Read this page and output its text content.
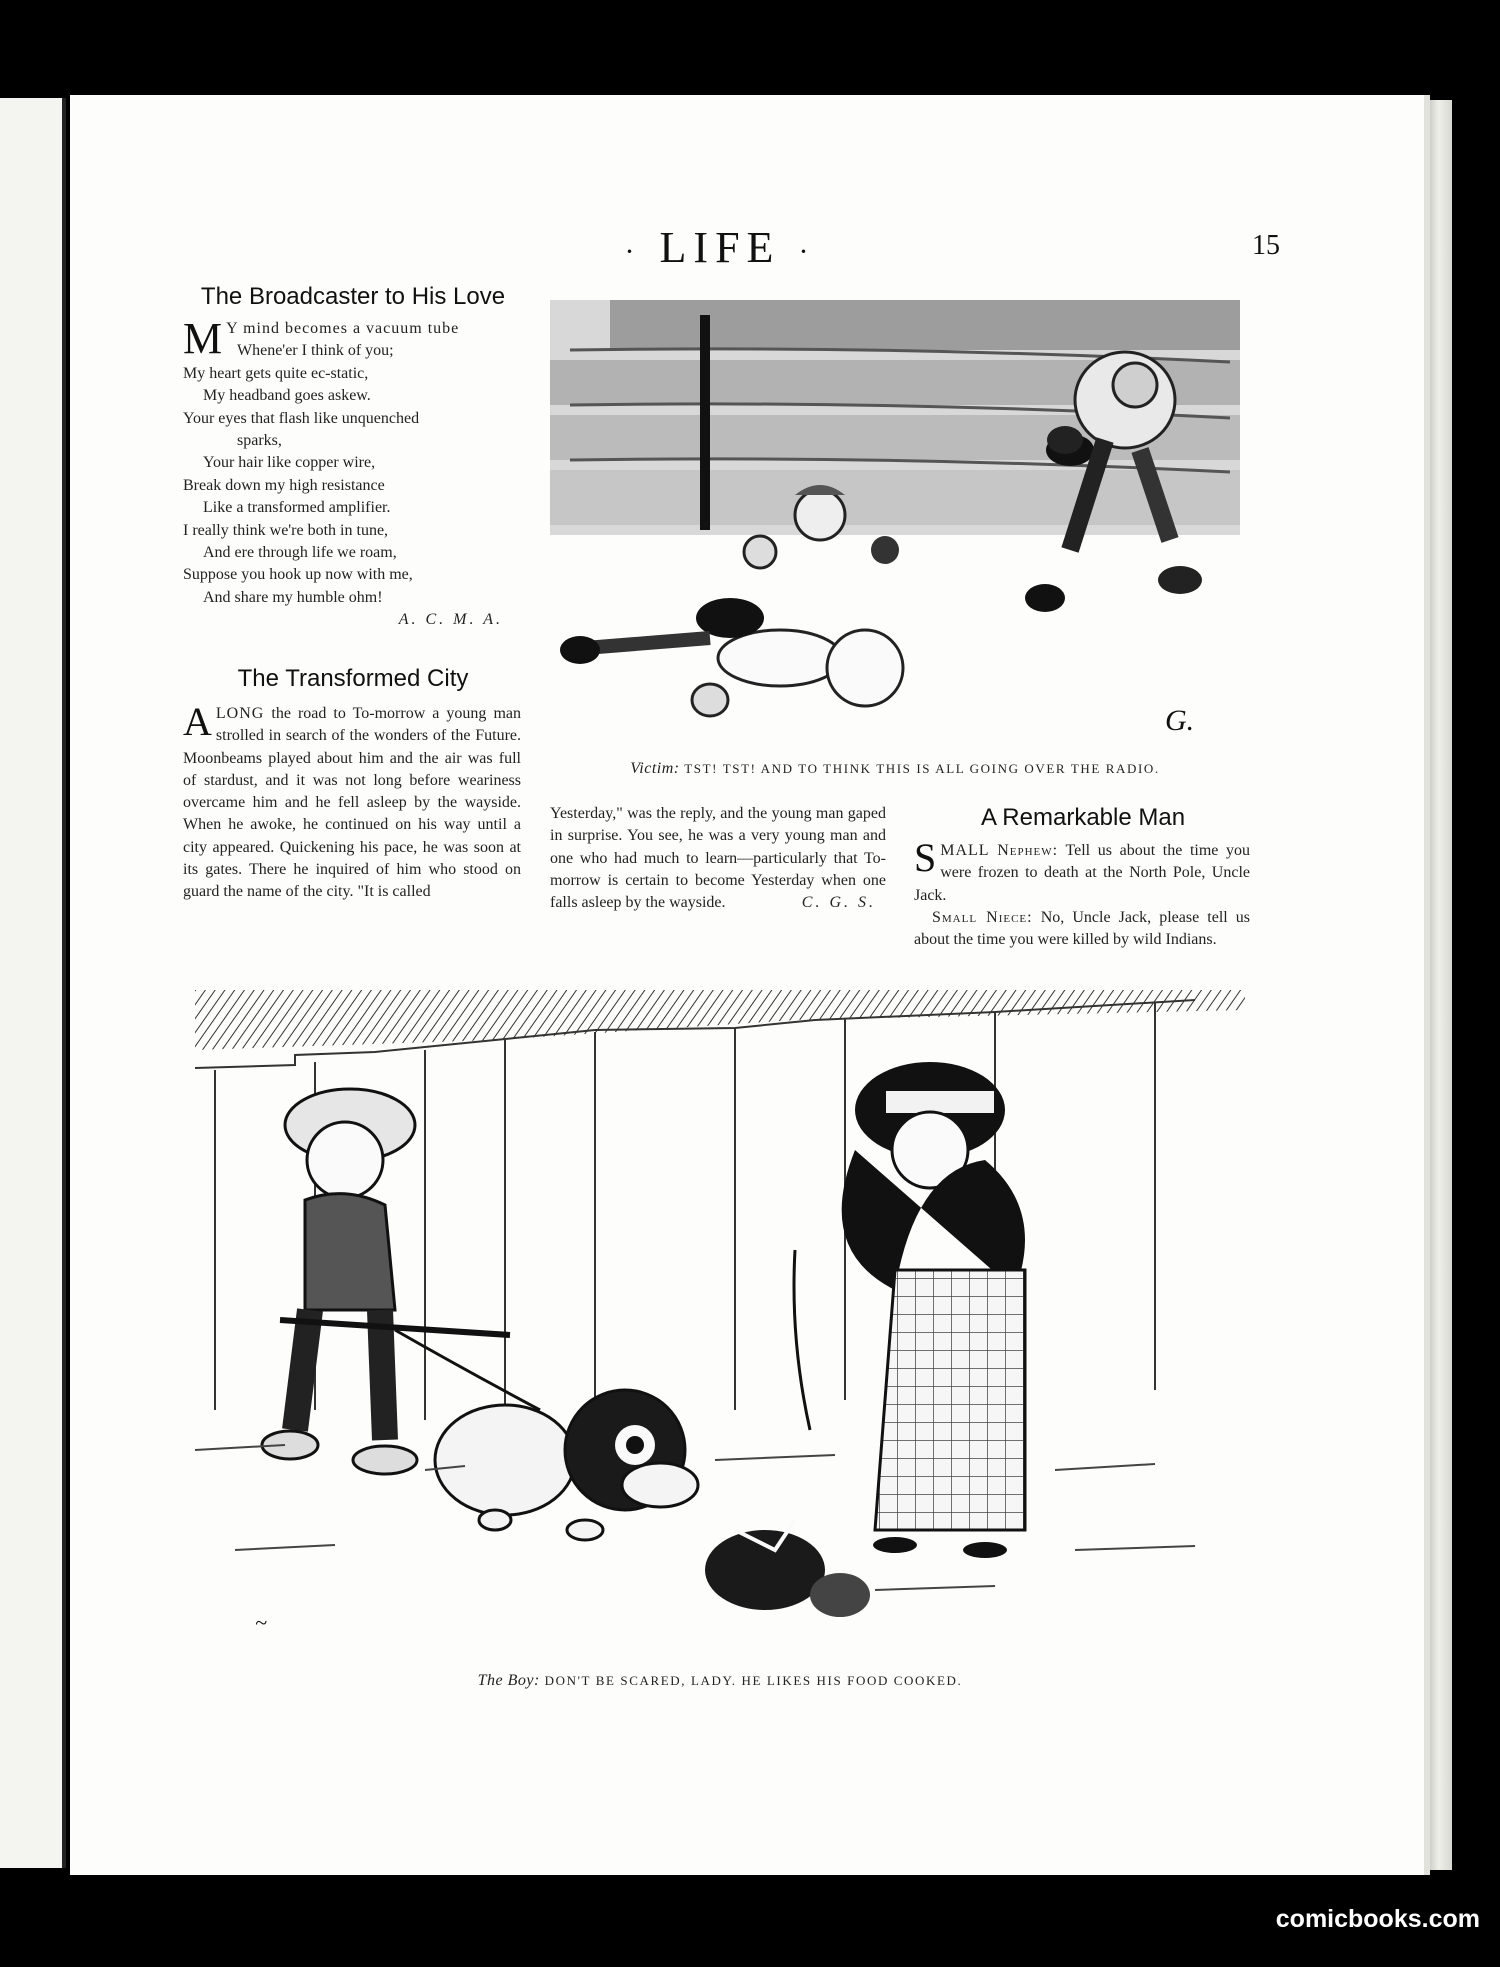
· LIFE ·	15
The Broadcaster to His Love
M Y mind becomes a vacuum tube
Whene'er I think of you;
My heart gets quite ec-static,
My headband goes askew.
Your eyes that flash like unquenched
sparks,
Your hair like copper wire,
Break down my high resistance
Like a transformed amplifier.
I really think we're both in tune,
And ere through life we roam,
Suppose you hook up now with me,
And share my humble ohm!
A. C. M. A.
G.
Victim: TST! TST! AND TO THINK THIS IS ALL GOING OVER THE RADIO.
The Transformed City
ALONG the road to To-morrow a young man strolled in search of the wonders of the Future. Moonbeams played about him and the air was full of stardust, and it was not long before weariness overcame him and he fell asleep by the wayside. When he awoke, he continued on his way until a city appeared. Quickening his pace, he was soon at its gates. There he inquired of him who stood on guard the name of the city. "It is called
Yesterday," was the reply, and the young man gaped in surprise. You see, he was a very young man and one who had much to learn—particularly that To-morrow is certain to become Yesterday when one falls asleep by the wayside.	C. G. S.
A Remarkable Man
SMALL Nephew: Tell us about the time you were frozen to death at the North Pole, Uncle Jack.
Small Niece: No, Uncle Jack, please tell us about the time you were killed by wild Indians.
~
The Boy: DON'T BE SCARED, LADY. HE LIKES HIS FOOD COOKED.
comicbooks.com
